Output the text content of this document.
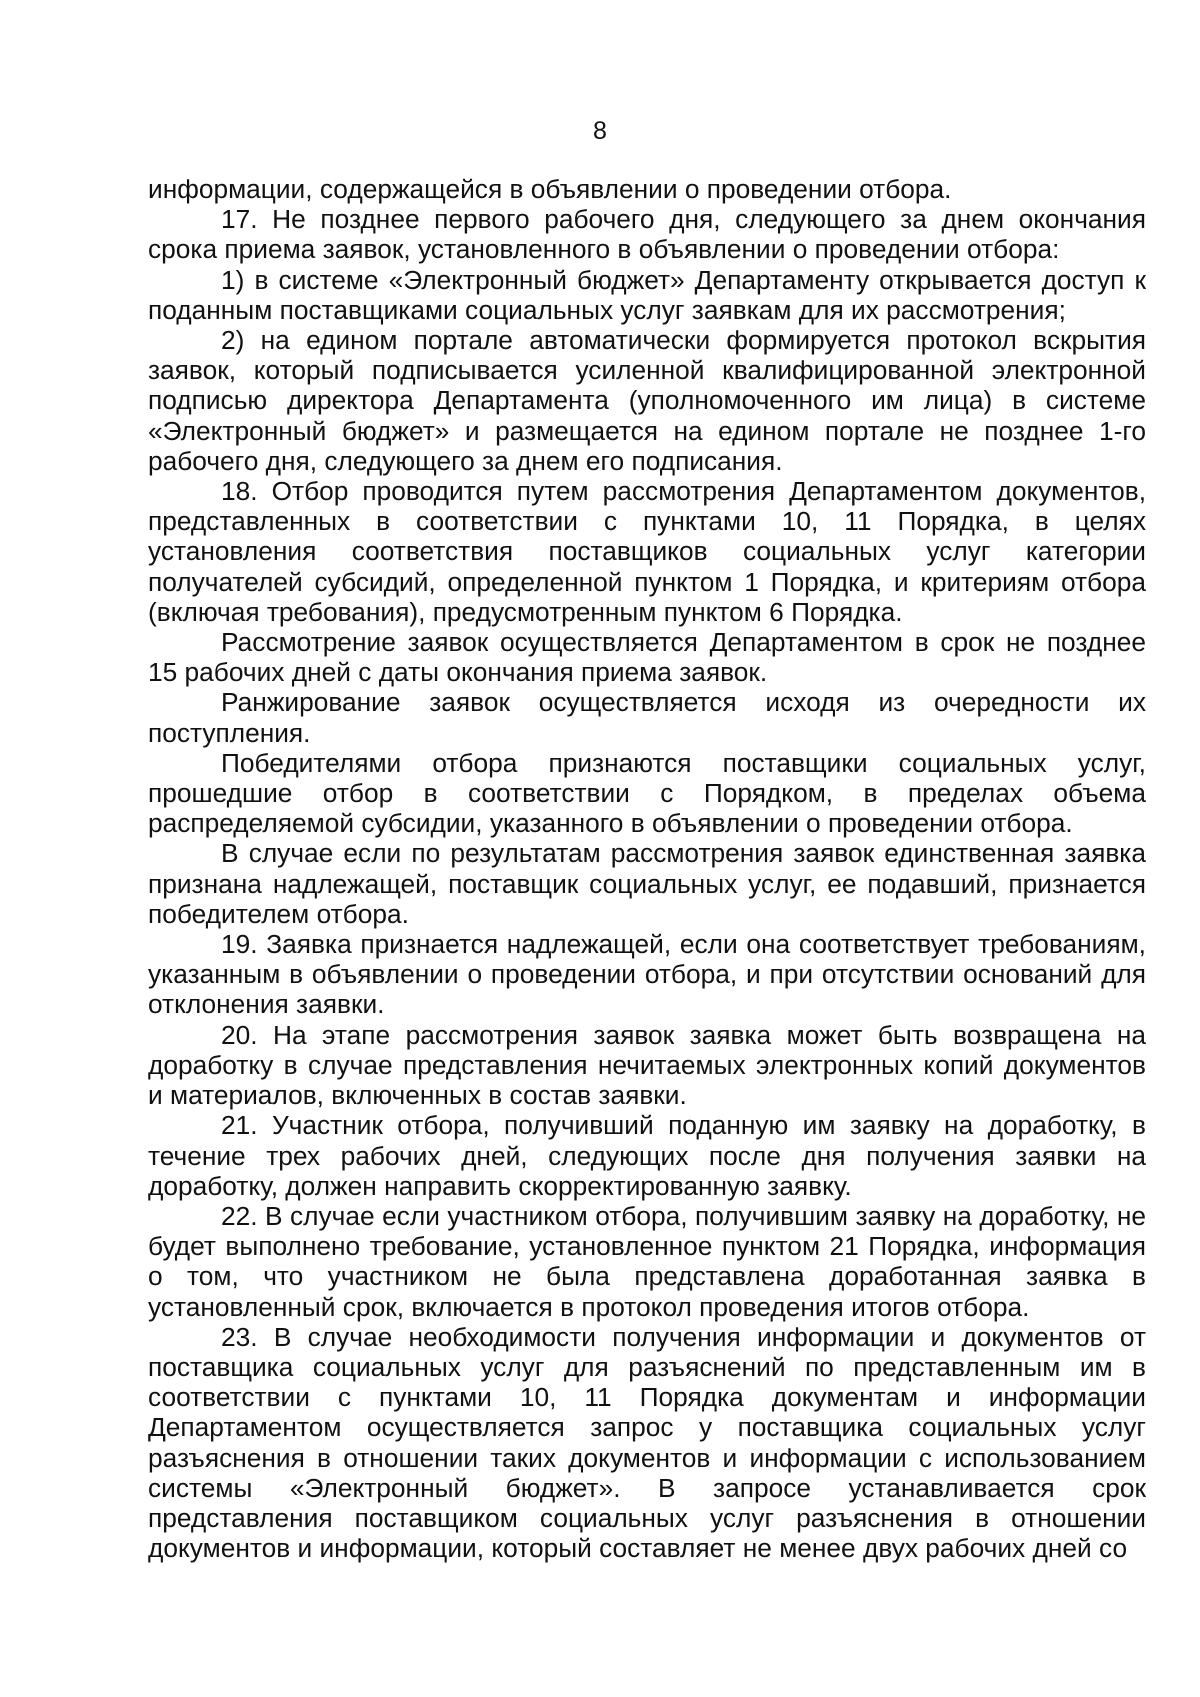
8

информации, содержащейся в объявлении о проведении отбора.

17. Не позднее первого рабочего дня, следующего за днем окончания срока приема заявок, установленного в объявлении о проведении отбора:

1) в системе «Электронный бюджет» Департаменту открывается доступ к поданным поставщиками социальных услуг заявкам для их рассмотрения;

2) на едином портале автоматически формируется протокол вскрытия заявок, который подписывается усиленной квалифицированной электронной подписью директора Департамента (уполномоченного им лица) в системе «Электронный бюджет» и размещается на едином портале не позднее 1-го рабочего дня, следующего за днем его подписания.

18. Отбор проводится путем рассмотрения Департаментом документов, представленных в соответствии с пунктами 10, 11 Порядка, в целях установления соответствия поставщиков социальных услуг категории получателей субсидий, определенной пунктом 1 Порядка, и критериям отбора (включая требования), предусмотренным пунктом 6 Порядка.

Рассмотрение заявок осуществляется Департаментом в срок не позднее 15 рабочих дней с даты окончания приема заявок.

Ранжирование заявок осуществляется исходя из очередности их поступления.

Победителями отбора признаются поставщики социальных услуг, прошедшие отбор в соответствии с Порядком, в пределах объема распределяемой субсидии, указанного в объявлении о проведении отбора.

В случае если по результатам рассмотрения заявок единственная заявка признана надлежащей, поставщик социальных услуг, ее подавший, признается победителем отбора.

19. Заявка признается надлежащей, если она соответствует требованиям, указанным в объявлении о проведении отбора, и при отсутствии оснований для отклонения заявки.

20. На этапе рассмотрения заявок заявка может быть возвращена на доработку в случае представления нечитаемых электронных копий документов и материалов, включенных в состав заявки.

21. Участник отбора, получивший поданную им заявку на доработку, в течение трех рабочих дней, следующих после дня получения заявки на доработку, должен направить скорректированную заявку.

22. В случае если участником отбора, получившим заявку на доработку, не будет выполнено требование, установленное пунктом 21 Порядка, информация о том, что участником не была представлена доработанная заявка в установленный срок, включается в протокол проведения итогов отбора.

23. В случае необходимости получения информации и документов от поставщика социальных услуг для разъяснений по представленным им в соответствии с пунктами 10, 11 Порядка документам и информации Департаментом осуществляется запрос у поставщика социальных услуг разъяснения в отношении таких документов и информации с использованием системы «Электронный бюджет». В запросе устанавливается срок представления поставщиком социальных услуг разъяснения в отношении документов и информации, который составляет не менее двух рабочих дней со
